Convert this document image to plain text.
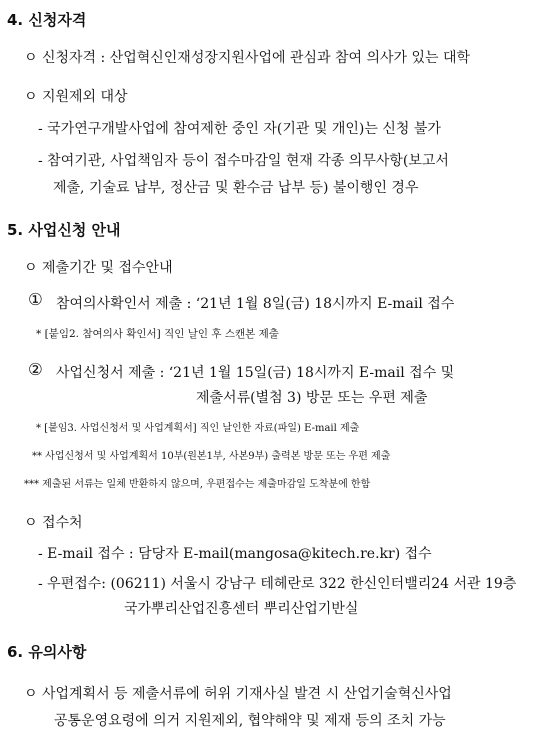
4. 신청자격
ㅇ 신청자격 : 산업혁신인재성장지원사업에 관심과 참여 의사가 있는 대학
ㅇ 지원제외 대상
- 국가연구개발사업에 참여제한 중인 자(기관 및 개인)는 신청 불가
- 참여기관, 사업책임자 등이 접수마감일 현재 각종 의무사항(보고서
제출, 기술료 납부, 정산금 및 환수금 납부 등) 불이행인 경우
5. 사업신청 안내
ㅇ 제출기간 및 접수안내
① 참여의사확인서 제출 : ‘21년 1월 8일(금) 18시까지 E-mail 접수
* [붙임2. 참여의사 확인서] 직인 날인 후 스캔본 제출
② 사업신청서 제출 : ‘21년 1월 15일(금) 18시까지 E-mail 접수 및
제출서류(별첨 3) 방문 또는 우편 제출
* [붙임3. 사업신청서 및 사업계획서] 직인 날인한 자료(파일) E-mail 제출
** 사업신청서 및 사업계획서 10부(원본1부, 사본9부) 출력본 방문 또는 우편 제출
*** 제출된 서류는 일체 반환하지 않으며, 우편접수는 제출마감일 도착분에 한함
ㅇ 접수처
- E-mail 접수 : 담당자 E-mail(mangosa@kitech.re.kr) 접수
- 우편접수: (06211) 서울시 강남구 테헤란로 322 한신인터밸리24 서관 19층
국가뿌리산업진흥센터 뿌리산업기반실
6. 유의사항
ㅇ 사업계획서 등 제출서류에 허위 기재사실 발견 시 산업기술혁신사업
공통운영요령에 의거 지원제외, 협약해약 및 제재 등의 조치 가능
